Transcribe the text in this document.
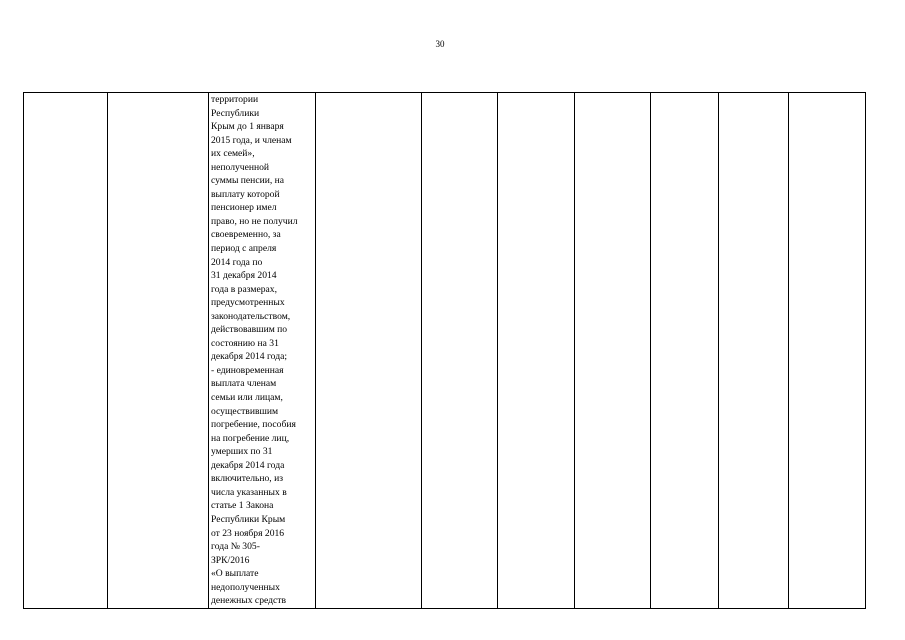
30

территории
Республики
Крым до 1 января
2015 года, и членам
их семей»,
неполученной
суммы пенсии, на
выплату которой
пенсионер имел
право, но не получил
своевременно, за
период с апреля
2014 года по
31 декабря 2014
года в размерах,
предусмотренных
законодательством,
действовавшим по
состоянию на 31
декабря 2014 года;
- единовременная
выплата членам
семьи или лицам,
осуществившим
погребение, пособия
на погребение лиц,
умерших по 31
декабря 2014 года
включительно, из
числа указанных в
статье 1 Закона
Республики Крым
от 23 ноября 2016
года № 305-
ЗРК/2016
«О выплате
недополученных
денежных средств
